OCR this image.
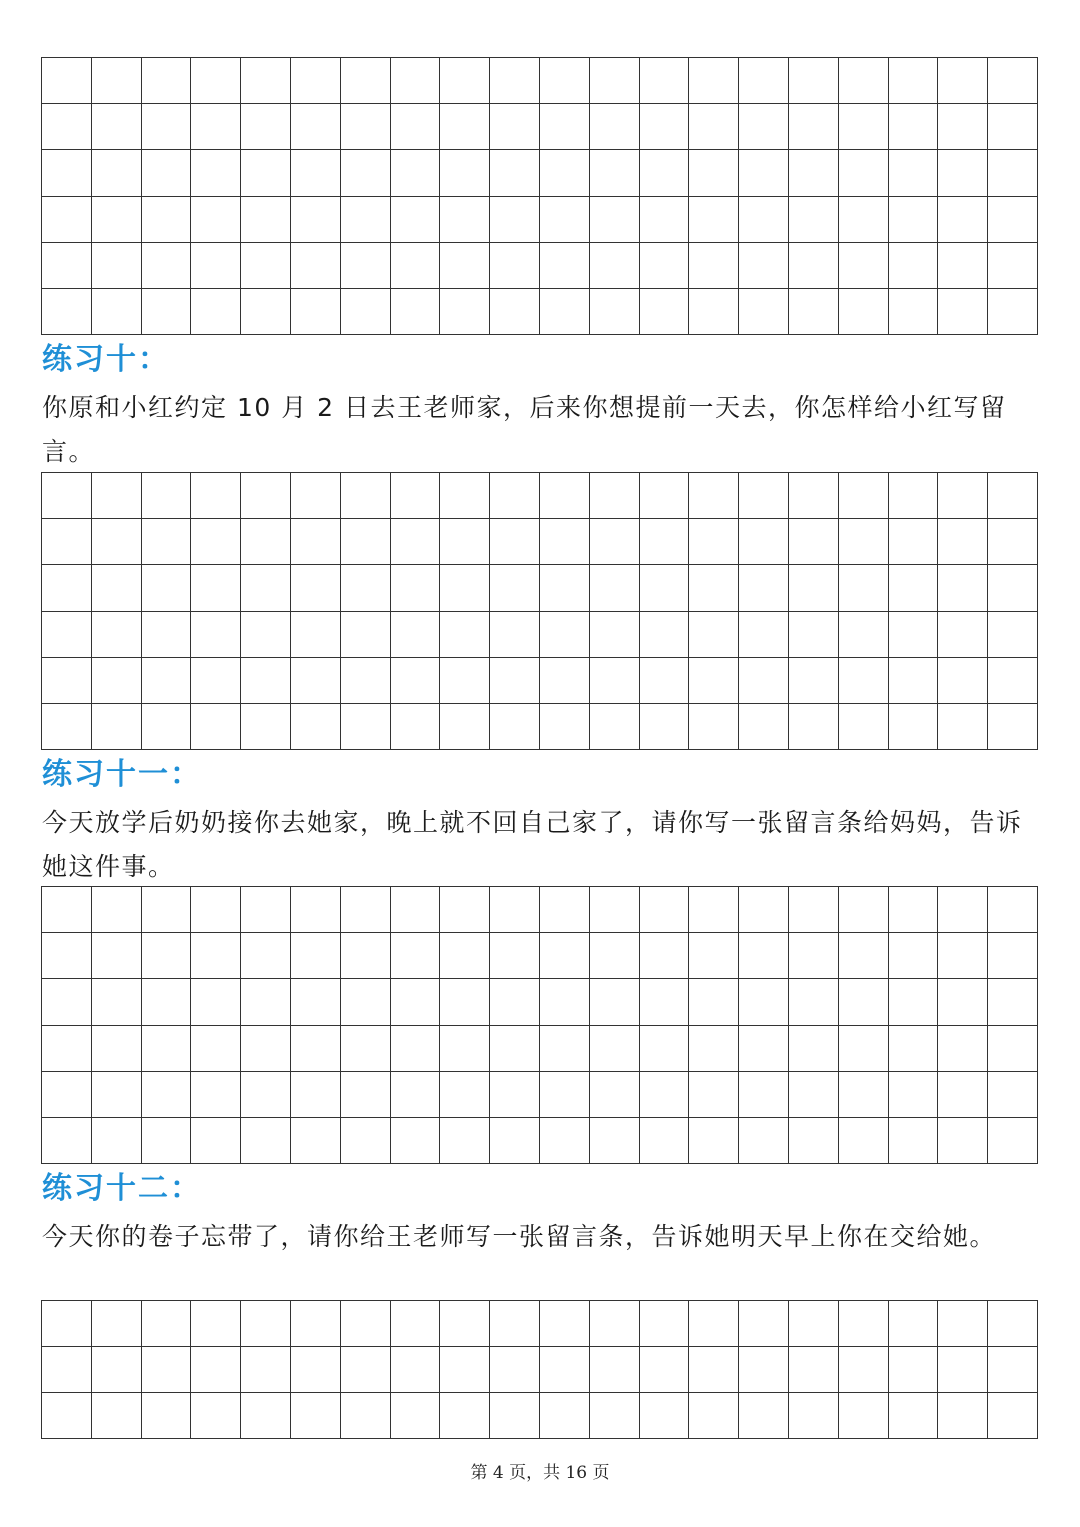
练习十：

你原和小红约定 10 月 2 日去王老师家，后来你想提前一天去，你怎样给小红写留言。

练习十一：

今天放学后奶奶接你去她家，晚上就不回自己家了，请你写一张留言条给妈妈，告诉她这件事。

练习十二：

今天你的卷子忘带了，请你给王老师写一张留言条，告诉她明天早上你在交给她。

第 4 页，共 16 页
